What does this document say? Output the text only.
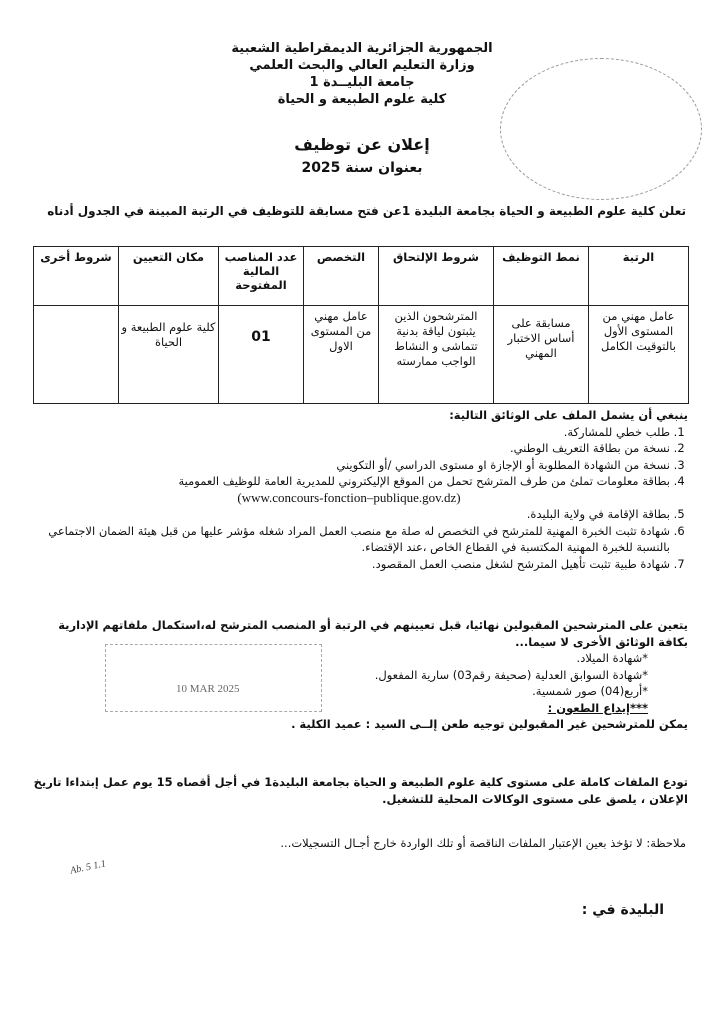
الجمهورية الجزائرية الديمقراطية الشعبية
وزارة التعليم العالي والبحث العلمي
جامعة البليــدة 1
كلية علوم الطبيعة و الحياة
إعلان عن توظيف
بعنوان سنة 2025
تعلن كلية علوم الطبيعة و الحياة بجامعة البليدة 1عن فتح مسابقة للتوظيف في الرتبة المبينة في الجدول أدناه
الرتبة	نمط التوظيف	شروط الإلتحاق	التخصص	عدد المناصب المالية المفتوحة	مكان التعيين	شروط أخرى
عامل مهني من المستوى الأول بالتوقيت الكامل	مسابقة على أساس الاختبار المهني	المترشحون الذين يثبتون لياقة بدنية تتماشى و النشاط الواجب ممارسته	عامل مهني من المستوى الاول	01	كلية علوم الطبيعة و الحياة	
ينبغي أن يشمل الملف على الوثائق التالية:
1. طلب خطي للمشاركة.
2. نسخة من بطاقة التعريف الوطني.
3. نسخة من الشهادة المطلوبة أو الإجازة او مستوى الدراسي /أو التكويني
4. بطاقة معلومات تملئ من طرف المترشح تحمل من الموقع الإليكتروني للمديرية العامة للوظيف العمومية
(www.concours-fonction–publique.gov.dz)
5. بطاقة الإقامة في ولاية البليدة.
6. شهادة تثبت الخبرة المهنية للمترشح في التخصص له صلة مع منصب العمل المراد شغله مؤشر عليها من قبل هيئة الضمان الاجتماعي بالنسبة للخبرة المهنية المكتسبة في القطاع الخاص ،عند الإقتضاء.
7. شهادة طبية تثبت تأهيل المترشح لشغل منصب العمل المقصود.
يتعين على المترشحين المقبولين نهائيا، قبل تعيينهم في الرتبة أو المنصب المترشح له،استكمال ملفاتهم الإدارية بكافة الوثائق الأخرى لا سيما...
*شهادة الميلاد.
*شهادة السوابق العدلية (صحيفة رقم03) سارية المفعول.
*أربع(04) صور شمسية.
***إيداع الطعون :
يمكن للمترشحين غير المقبولين توجيه طعن إلــى السيد : عميد الكلية .
10 MAR 2025
تودع الملفات كاملة على مستوى كلية علوم الطبيعة و الحياة بجامعة البليدة1 في أجل أقصاه 15 يوم عمل إبتداءا تاريخ الإعلان ، يلصق على مستوى الوكالات المحلية للتشغيل.
ملاحظة: لا تؤخذ بعين الإعتبار الملفات الناقصة أو تلك الواردة خارج أجـال التسجيلات...
Ab. 5 1.1
البليدة في :
